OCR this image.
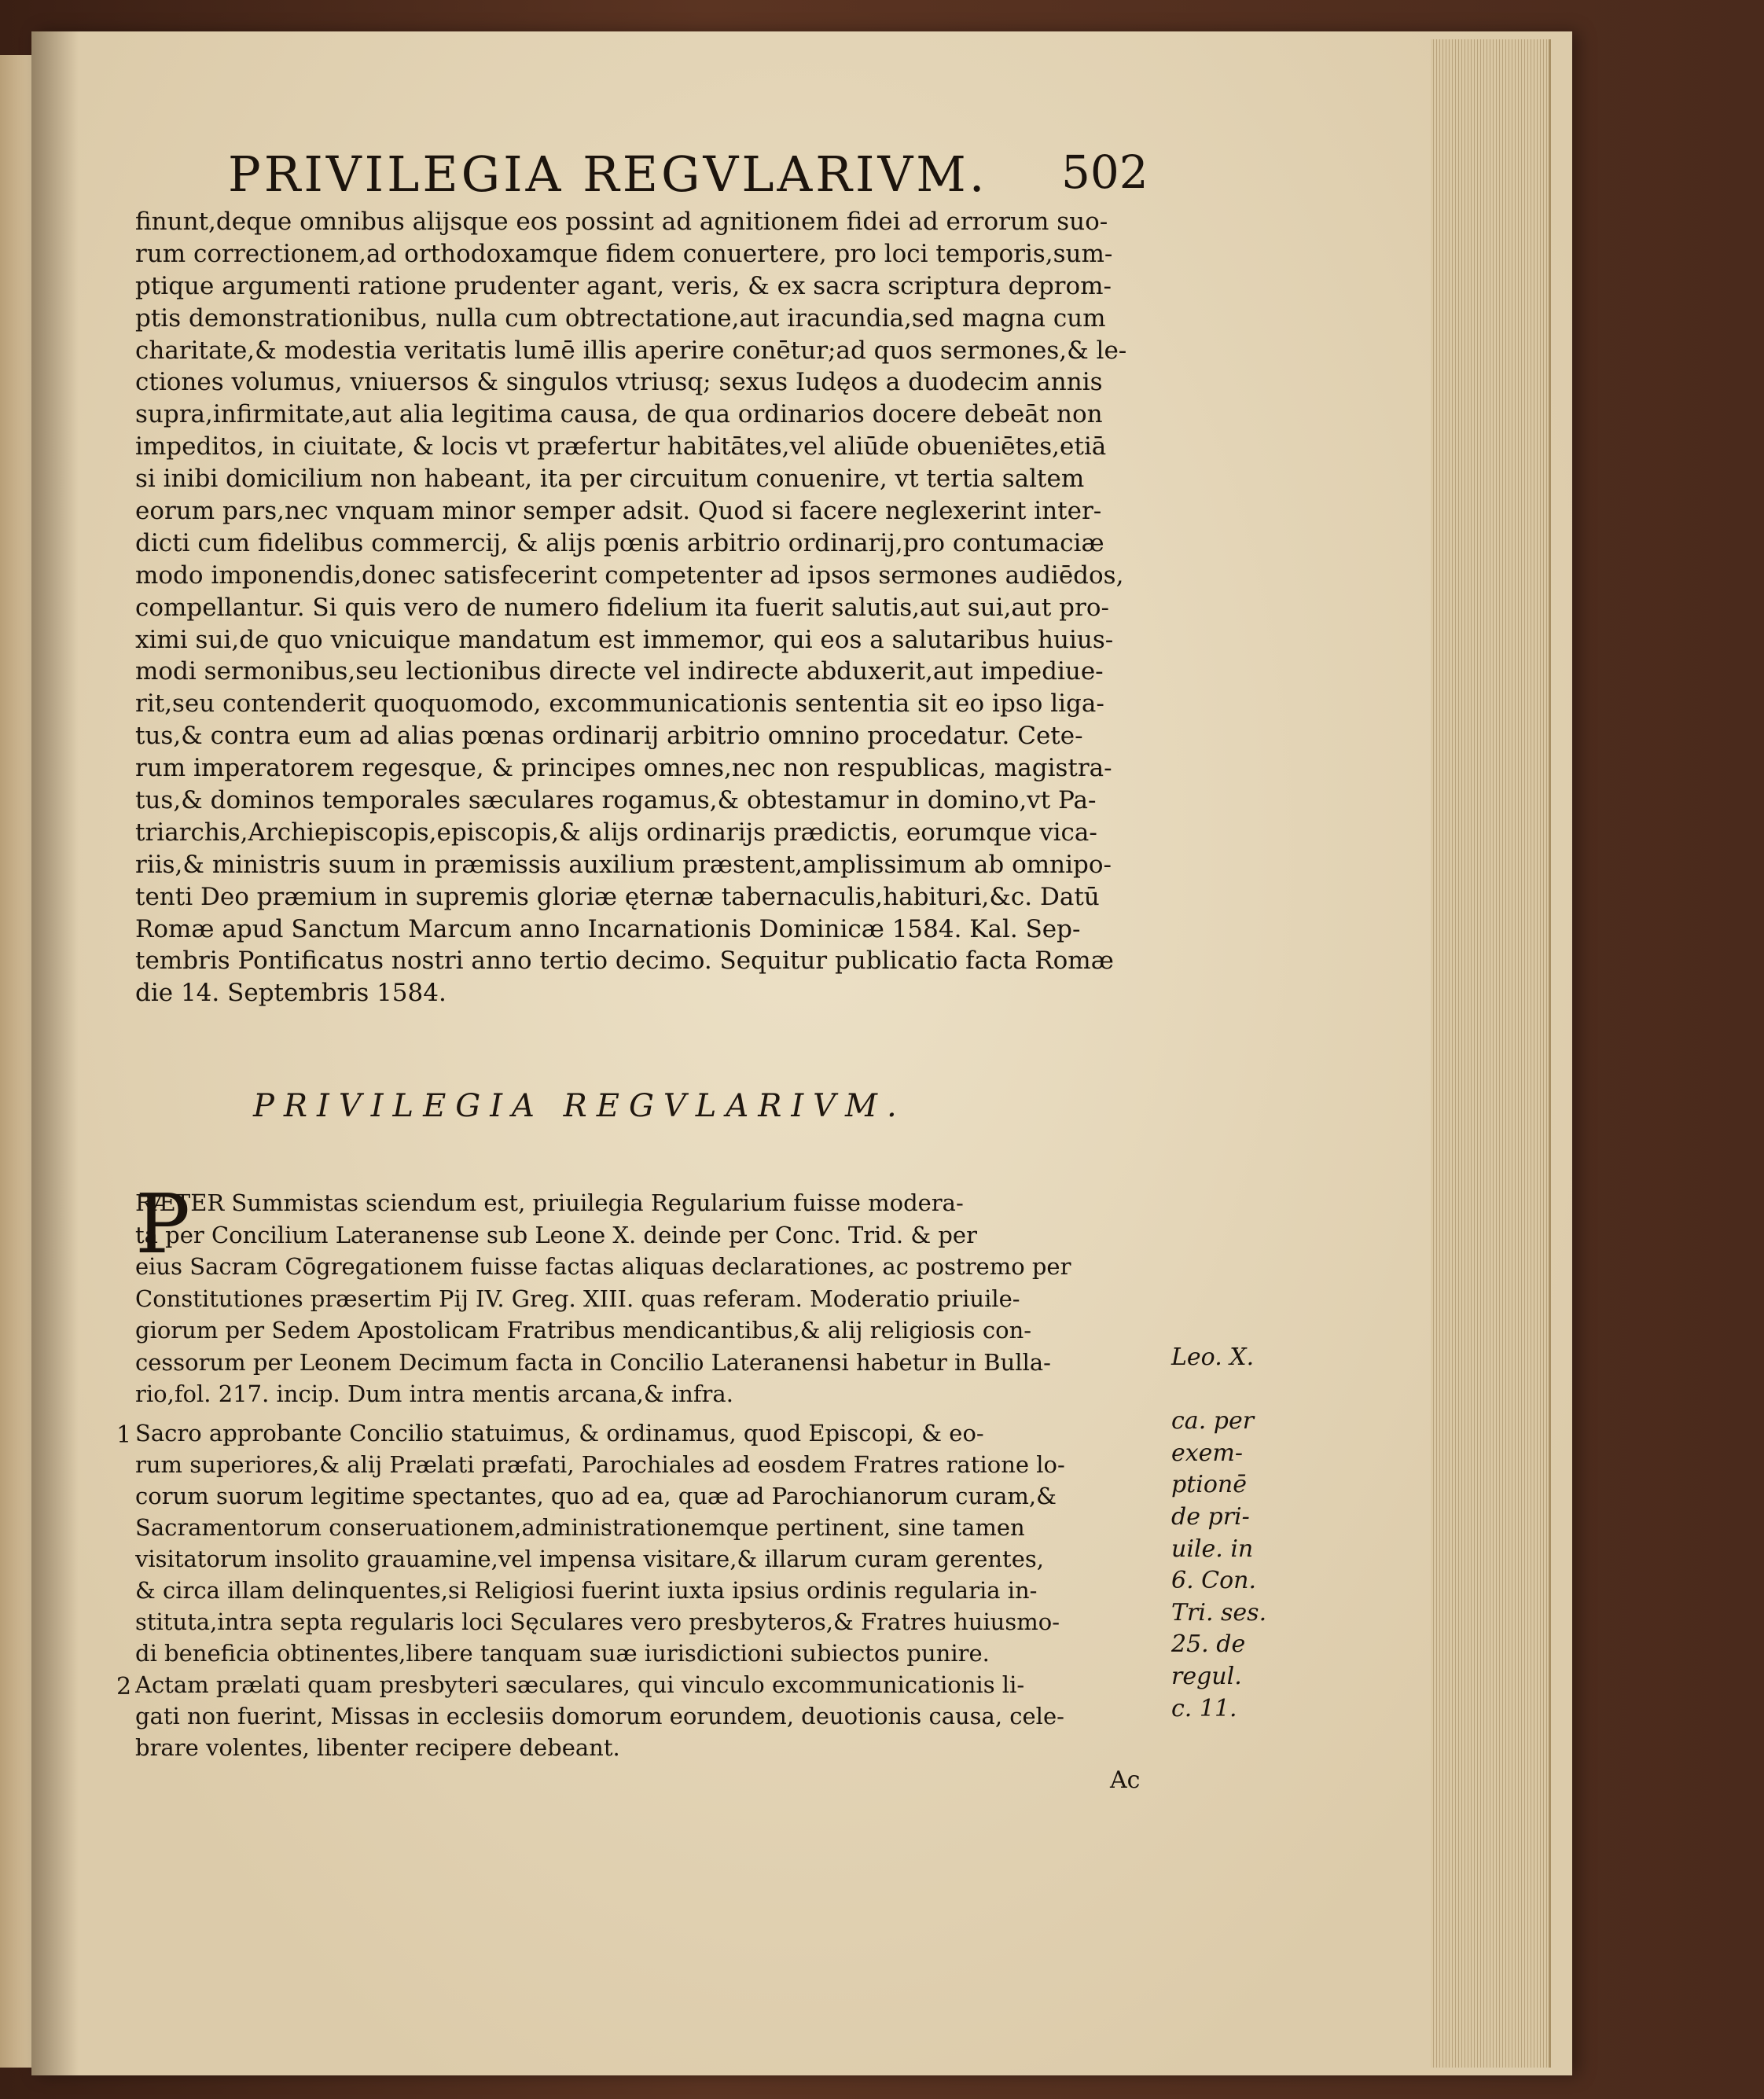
PRIVILEGIA REGVLARIVM. 502
finunt,deque omnibus alijsque eos possint ad agnitionem fidei ad errorum suo-
rum correctionem,ad orthodoxamque fidem conuertere, pro loci temporis,sum-
ptique argumenti ratione prudenter agant, veris, & ex sacra scriptura deprom-
ptis demonstrationibus, nulla cum obtrectatione,aut iracundia,sed magna cum
charitate,& modestia veritatis lumē illis aperire conētur;ad quos sermones,& le-
ctiones volumus, vniuersos & singulos vtriusq; sexus Iudęos a duodecim annis
supra,infirmitate,aut alia legitima causa, de qua ordinarios docere debeāt non
impeditos, in ciuitate, & locis vt præfertur habitātes,vel aliūde obueniētes,etiā
si inibi domicilium non habeant, ita per circuitum conuenire, vt tertia saltem
eorum pars,nec vnquam minor semper adsit. Quod si facere neglexerint inter-
dicti cum fidelibus commercij, & alijs pœnis arbitrio ordinarij,pro contumaciæ
modo imponendis,donec satisfecerint competenter ad ipsos sermones audiēdos,
compellantur. Si quis vero de numero fidelium ita fuerit salutis,aut sui,aut pro-
ximi sui,de quo vnicuique mandatum est immemor, qui eos a salutaribus huius-
modi sermonibus,seu lectionibus directe vel indirecte abduxerit,aut impediue-
rit,seu contenderit quoquomodo, excommunicationis sententia sit eo ipso liga-
tus,& contra eum ad alias pœnas ordinarij arbitrio omnino procedatur. Cete-
rum imperatorem regesque, & principes omnes,nec non respublicas, magistra-
tus,& dominos temporales sæculares rogamus,& obtestamur in domino,vt Pa-
triarchis,Archiepiscopis,episcopis,& alijs ordinarijs prædictis, eorumque vica-
riis,& ministris suum in præmissis auxilium præstent,amplissimum ab omnipo-
tenti Deo præmium in supremis gloriæ ęternæ tabernaculis,habituri,&c. Datū
Romæ apud Sanctum Marcum anno Incarnationis Dominicæ 1584. Kal. Sep-
tembris Pontificatus nostri anno tertio decimo. Sequitur publicatio facta Romæ
die 14. Septembris 1584.
PRIVILEGIA REGVLARIVM.
P
RÆTER Summistas sciendum est, priuilegia Regularium fuisse modera-
ta per Concilium Lateranense sub Leone X. deinde per Conc. Trid. & per
eius Sacram Cōgregationem fuisse factas aliquas declarationes, ac postremo per
Constitutiones præsertim Pij IV. Greg. XIII. quas referam. Moderatio priuile-
giorum per Sedem Apostolicam Fratribus mendicantibus,& alij religiosis con-
cessorum per Leonem Decimum facta in Concilio Lateranensi habetur in Bulla-
rio,fol. 217. incip. Dum intra mentis arcana,& infra.
1
2
Sacro approbante Concilio statuimus, & ordinamus, quod Episcopi, & eo-
rum superiores,& alij Prælati præfati, Parochiales ad eosdem Fratres ratione lo-
corum suorum legitime spectantes, quo ad ea, quæ ad Parochianorum curam,&
Sacramentorum conseruationem,administrationemque pertinent, sine tamen
visitatorum insolito grauamine,vel impensa visitare,& illarum curam gerentes,
& circa illam delinquentes,si Religiosi fuerint iuxta ipsius ordinis regularia in-
stituta,intra septa regularis loci Sęculares vero presbyteros,& Fratres huiusmo-
di beneficia obtinentes,libere tanquam suæ iurisdictioni subiectos punire.
Actam prælati quam presbyteri sæculares, qui vinculo excommunicationis li-
gati non fuerint, Missas in ecclesiis domorum eorundem, deuotionis causa, cele-
brare volentes, libenter recipere debeant.
Leo. X.
ca. per
exem-
ptionē
de pri-
uile. in
6. Con.
Tri. ses.
25. de
regul.
c. 11.
Ac
